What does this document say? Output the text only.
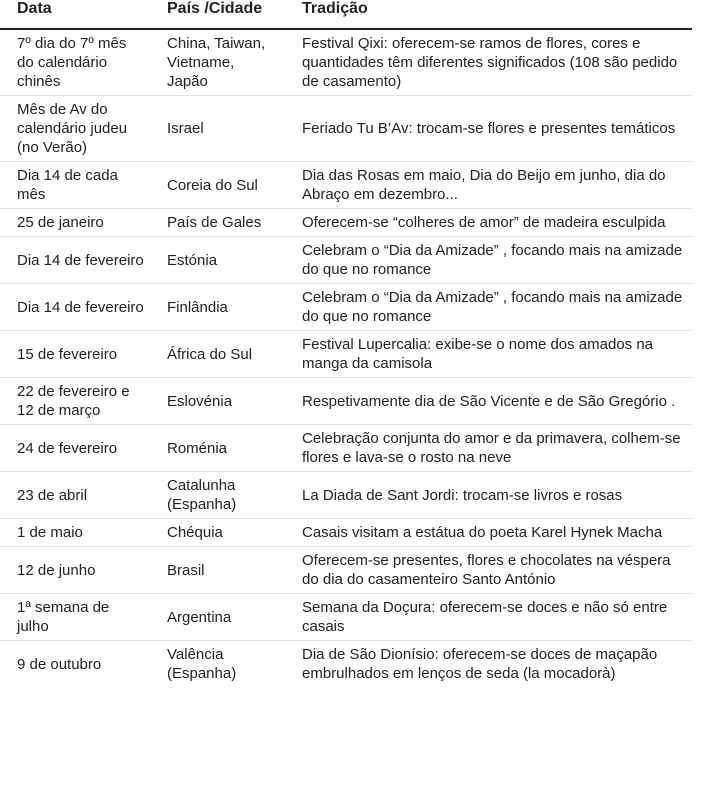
Data	País /Cidade	Tradição
7º dia do 7º mês do calendário chinês	China, Taiwan, Vietname, Japão	Festival Qixi: oferecem-se ramos de flores, cores e quantidades têm diferentes significados (108 são pedido de casamento)
Mês de Av do calendário judeu (no Verão)	Israel	Feriado Tu B’Av: trocam-se flores e presentes temáticos
Dia 14 de cada mês	Coreia do Sul	Dia das Rosas em maio, Dia do Beijo em junho, dia do Abraço em dezembro...
25 de janeiro	País de Gales	Oferecem-se “colheres de amor” de madeira esculpida
Dia 14 de fevereiro	Estónia	Celebram o “Dia da Amizade” , focando mais na amizade do que no romance
Dia 14 de fevereiro	Finlândia	Celebram o “Dia da Amizade” , focando mais na amizade do que no romance
15 de fevereiro	África do Sul	Festival Lupercalia: exibe-se o nome dos amados na manga da camisola
22 de fevereiro e 12 de março	Eslovénia	Respetivamente dia de São Vicente e de São Gregório .
24 de fevereiro	Roménia	Celebração conjunta do amor e da primavera, colhem-se flores e lava-se o rosto na neve
23 de abril	Catalunha (Espanha)	La Diada de Sant Jordi: trocam-se livros e rosas
1 de maio	Chéquia	Casais visitam a estátua do poeta Karel Hynek Macha
12 de junho	Brasil	Oferecem-se presentes, flores e chocolates na véspera do dia do casamenteiro Santo António
1ª semana de julho	Argentina	Semana da Doçura: oferecem-se doces e não só entre casais
9 de outubro	Valência (Espanha)	Dia de São Dionísio: oferecem-se doces de maçapão embrulhados em lenços de seda (la mocadorà)
